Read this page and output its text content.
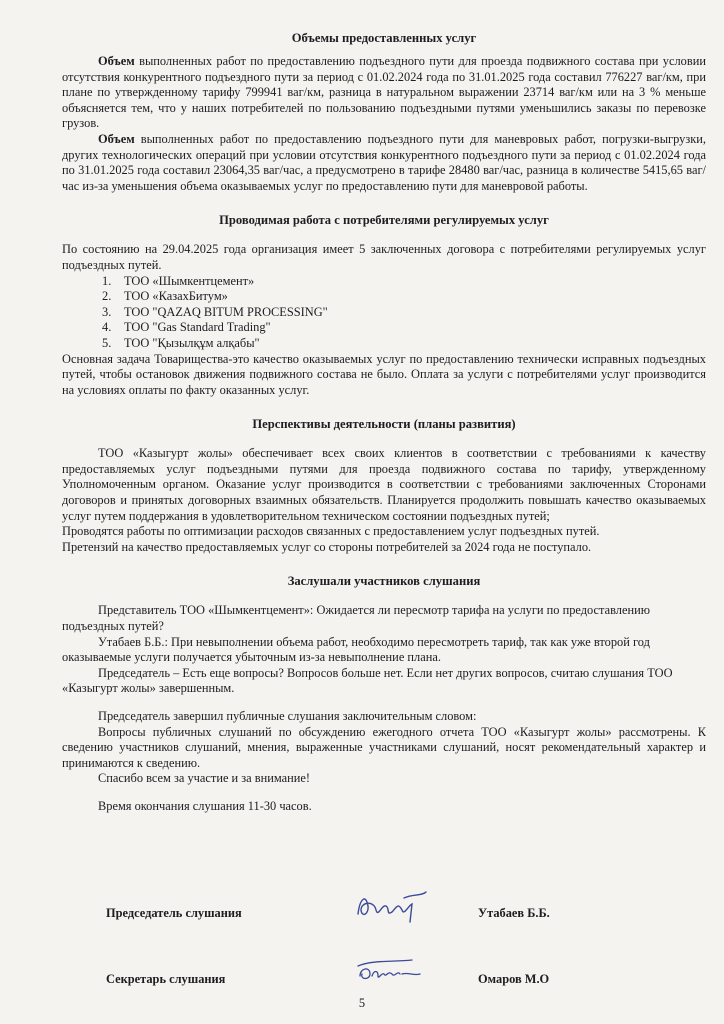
Объемы предоставленных услуг

Объем выполненных работ по предоставлению подъездного пути для проезда подвижного состава при условии отсутствия конкурентного подъездного пути за период с 01.02.2024 года по 31.01.2025 года составил 776227 ваг/км, при плане по утвержденному тарифу 799941 ваг/км, разница в натуральном выражении 23714 ваг/км или на 3 % меньше объясняется тем, что у наших потребителей по пользованию подъездными путями уменьшились заказы по перевозке грузов.

Объем выполненных работ по предоставлению подъездного пути для маневровых работ, погрузки-выгрузки, других технологических операций при условии отсутствия конкурентного подъездного пути за период с 01.02.2024 года по 31.01.2025 года составил 23064,35 ваг/час, а предусмотрено в тарифе 28480 ваг/час, разница в количестве 5415,65 ваг/час из-за уменьшения объема оказываемых услуг по предоставлению пути для маневровой работы.

Проводимая работа с потребителями регулируемых услуг

По состоянию на 29.04.2025 года организация имеет 5 заключенных договора с потребителями регулируемых услуг подъездных путей.

1.	ТОО «Шымкентцемент»
2.	ТОО «КазахБитум»
3.	ТОО "QAZAQ BITUM PROCESSING"
4.	ТОО "Gas Standard Trading"
5.	ТОО "Қызылқұм алқабы"

Основная задача Товарищества-это качество оказываемых услуг по предоставлению технически исправных подъездных путей, чтобы остановок движения подвижного состава не было. Оплата за услуги с потребителями услуг производится на условиях оплаты по факту оказанных услуг.

Перспективы деятельности (планы развития)

ТОО «Казыгурт жолы» обеспечивает всех своих клиентов в соответствии с требованиями к качеству предоставляемых услуг подъездными путями для проезда подвижного состава по тарифу, утвержденному Уполномоченным органом. Оказание услуг производится в соответствии с требованиями заключенных Сторонами договоров и принятых договорных взаимных обязательств. Планируется продолжить повышать качество оказываемых услуг путем поддержания в удовлетворительном техническом состоянии подъездных путей;

Проводятся работы по оптимизации расходов связанных с предоставлением услуг подъездных путей.

Претензий на качество предоставляемых услуг со стороны потребителей за 2024 года не поступало.

Заслушали участников слушания

Представитель ТОО «Шымкентцемент»: Ожидается ли пересмотр тарифа на услуги по предоставлению подъездных путей?

Утабаев Б.Б.: При невыполнении объема работ, необходимо пересмотреть тариф, так как уже второй год оказываемые услуги получается убыточным из-за невыполнение плана.

Председатель – Есть еще вопросы? Вопросов больше нет. Если нет других вопросов, считаю слушания ТОО «Казыгурт жолы» завершенным.

Председатель завершил публичные слушания заключительным словом:

Вопросы публичных слушаний по обсуждению ежегодного отчета ТОО «Казыгурт жолы» рассмотрены. К сведению участников слушаний, мнения, выраженные участниками слушаний, носят рекомендательный характер и принимаются к сведению.

Спасибо всем за участие и за внимание!

Время окончания слушания 11-30 часов.

Председатель слушания	Утабаев Б.Б.
Секретарь слушания	Омаров М.О
5
